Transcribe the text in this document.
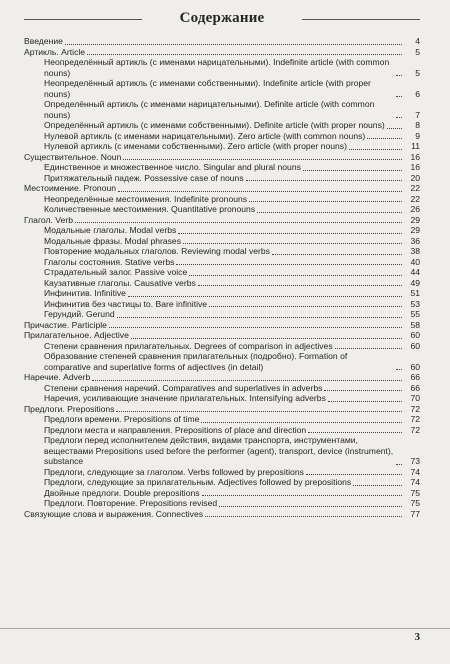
Содержание
Введение	4
Артикль. Article	5
Неопределённый артикль (с именами нарицательными). Indefinite article (with common nouns)	5
Неопределённый артикль (с именами собственными). Indefinite article (with proper nouns)	6
Определённый артикль (с именами нарицательными). Definite article (with common nouns)	7
Определённый артикль (с именами собственными). Definite article (with proper nouns)	8
Нулевой артикль (с именами нарицательными). Zero article (with common nouns)	9
Нулевой артикль (с именами собственными). Zero article (with proper nouns)	11
Существительное. Noun	16
Единственное и множественное число. Singular and plural nouns	16
Притяжательный падеж. Possessive case of nouns	20
Местоимение. Pronoun	22
Неопределённые местоимения. Indefinite pronouns	22
Количественные местоимения. Quantitative pronouns	26
Глагол. Verb	29
Модальные глаголы. Modal verbs	29
Модальные фразы. Modal phrases	36
Повторение модальных глаголов. Reviewing modal verbs	38
Глаголы состояния. Stative verbs	40
Страдательный залог. Passive voice	44
Каузативные глаголы. Causative verbs	49
Инфинитив. Infinitive	51
Инфинитив без частицы to. Bare infinitive	53
Герундий. Gerund	55
Причастие. Participle	58
Прилагательное. Adjective	60
Степени сравнения прилагательных. Degrees of comparison in adjectives	60
Образование степеней сравнения прилагательных (подробно). Formation of comparative and superlative forms of adjectives (in detail)	60
Наречие. Adverb	66
Степени сравнения наречий. Comparatives and superlatives in adverbs	66
Наречия, усиливающие значение прилагательных. Intensifying adverbs	70
Предлоги. Prepositions	72
Предлоги времени. Prepositions of time	72
Предлоги места и направления. Prepositions of place and direction	72
Предлоги перед исполнителем действия, видами транспорта, инструментами, веществами Prepositions used before the performer (agent), transport, device (instrument), substance	73
Предлоги, следующие за глаголом. Verbs followed by prepositions	74
Предлоги, следующие за прилагательным. Adjectives followed by prepositions	74
Двойные предлоги. Double prepositions	75
Предлоги. Повторение. Prepositions revised	75
Связующие слова и выражения. Connectives	77
3
